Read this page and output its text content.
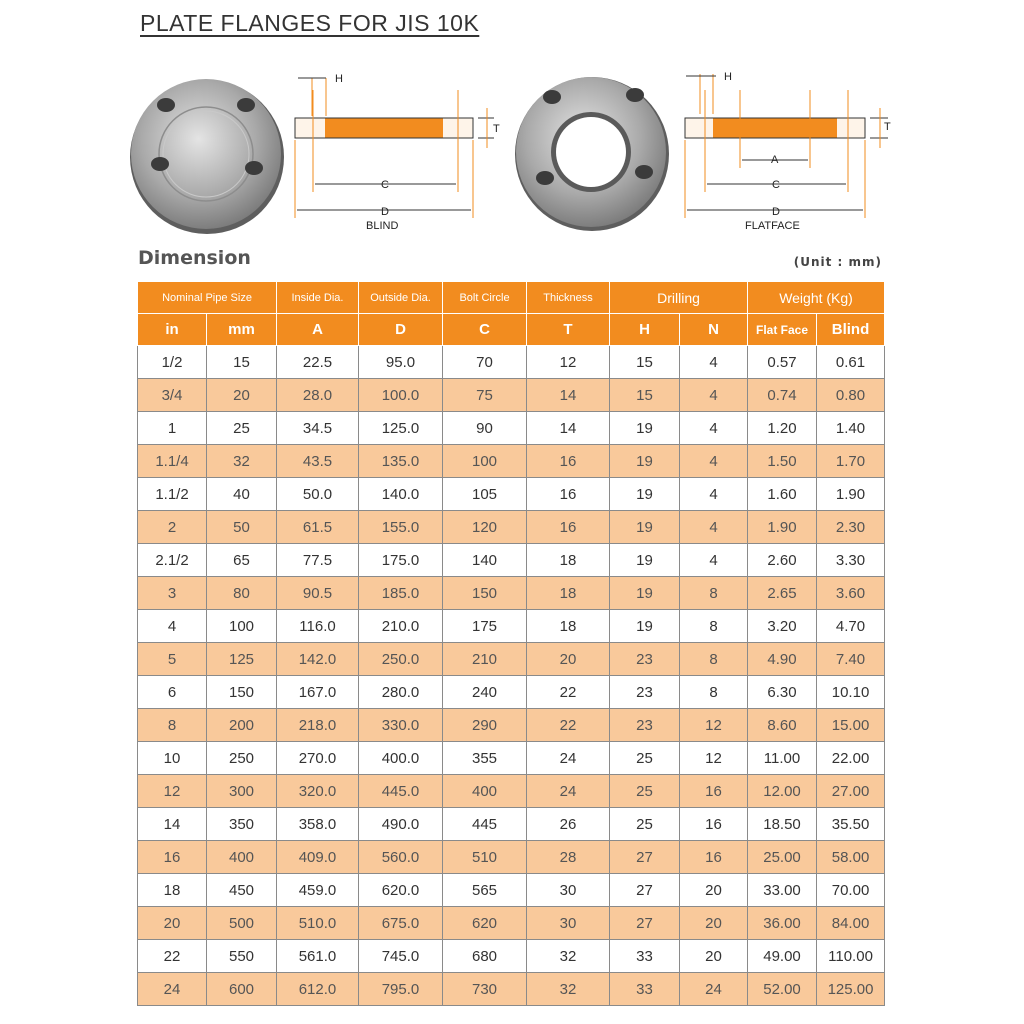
PLATE FLANGES FOR JIS 10K
H
T
C
D
BLIND
H
T
A
C
D
FLATFACE
Dimension	(Unit : mm)
Nominal Pipe Size		Inside Dia.	Outside Dia.	Bolt Circle	Thickness	Drilling		Weight (Kg)	
in	mm	A	D	C	T	H	N	Flat Face	Blind
1/2	15	22.5	95.0	70	12	15	4	0.57	0.61
3/4	20	28.0	100.0	75	14	15	4	0.74	0.80
1	25	34.5	125.0	90	14	19	4	1.20	1.40
1.1/4	32	43.5	135.0	100	16	19	4	1.50	1.70
1.1/2	40	50.0	140.0	105	16	19	4	1.60	1.90
2	50	61.5	155.0	120	16	19	4	1.90	2.30
2.1/2	65	77.5	175.0	140	18	19	4	2.60	3.30
3	80	90.5	185.0	150	18	19	8	2.65	3.60
4	100	116.0	210.0	175	18	19	8	3.20	4.70
5	125	142.0	250.0	210	20	23	8	4.90	7.40
6	150	167.0	280.0	240	22	23	8	6.30	10.10
8	200	218.0	330.0	290	22	23	12	8.60	15.00
10	250	270.0	400.0	355	24	25	12	11.00	22.00
12	300	320.0	445.0	400	24	25	16	12.00	27.00
14	350	358.0	490.0	445	26	25	16	18.50	35.50
16	400	409.0	560.0	510	28	27	16	25.00	58.00
18	450	459.0	620.0	565	30	27	20	33.00	70.00
20	500	510.0	675.0	620	30	27	20	36.00	84.00
22	550	561.0	745.0	680	32	33	20	49.00	110.00
24	600	612.0	795.0	730	32	33	24	52.00	125.00
